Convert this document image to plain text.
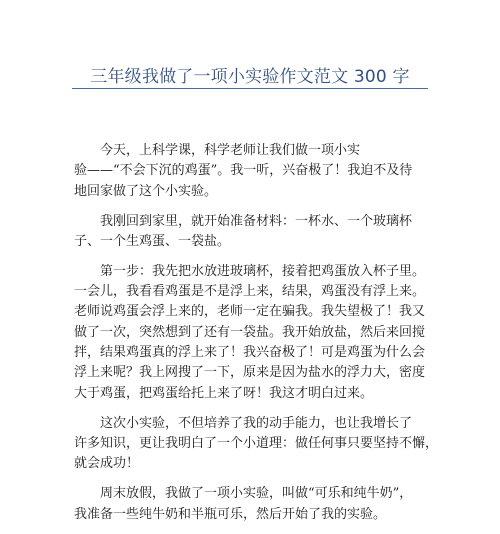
三年级我做了一项小实验作文范文 300 字

今天，上科学课，科学老师让我们做一项小实
验——“不会下沉的鸡蛋”。我一听，兴奋极了！我迫不及待
地回家做了这个小实验。

我刚回到家里，就开始准备材料：一杯水、一个玻璃杯
子、一个生鸡蛋、一袋盐。

第一步：我先把水放进玻璃杯，接着把鸡蛋放入杯子里。
一会儿，我看看鸡蛋是不是浮上来，结果，鸡蛋没有浮上来。
老师说鸡蛋会浮上来的，老师一定在骗我。我失望极了！我又
做了一次，突然想到了还有一袋盐。我开始放盐，然后来回搅
拌，结果鸡蛋真的浮上来了！我兴奋极了！可是鸡蛋为什么会
浮上来呢？我上网搜了一下，原来是因为盐水的浮力大，密度
大于鸡蛋，把鸡蛋给托上来了呀！我这才明白过来。

这次小实验，不但培养了我的动手能力，也让我增长了
许多知识，更让我明白了一个小道理：做任何事只要坚持不懈，
就会成功！

周末放假，我做了一项小实验，叫做“可乐和纯牛奶”，
我准备一些纯牛奶和半瓶可乐，然后开始了我的实验。
